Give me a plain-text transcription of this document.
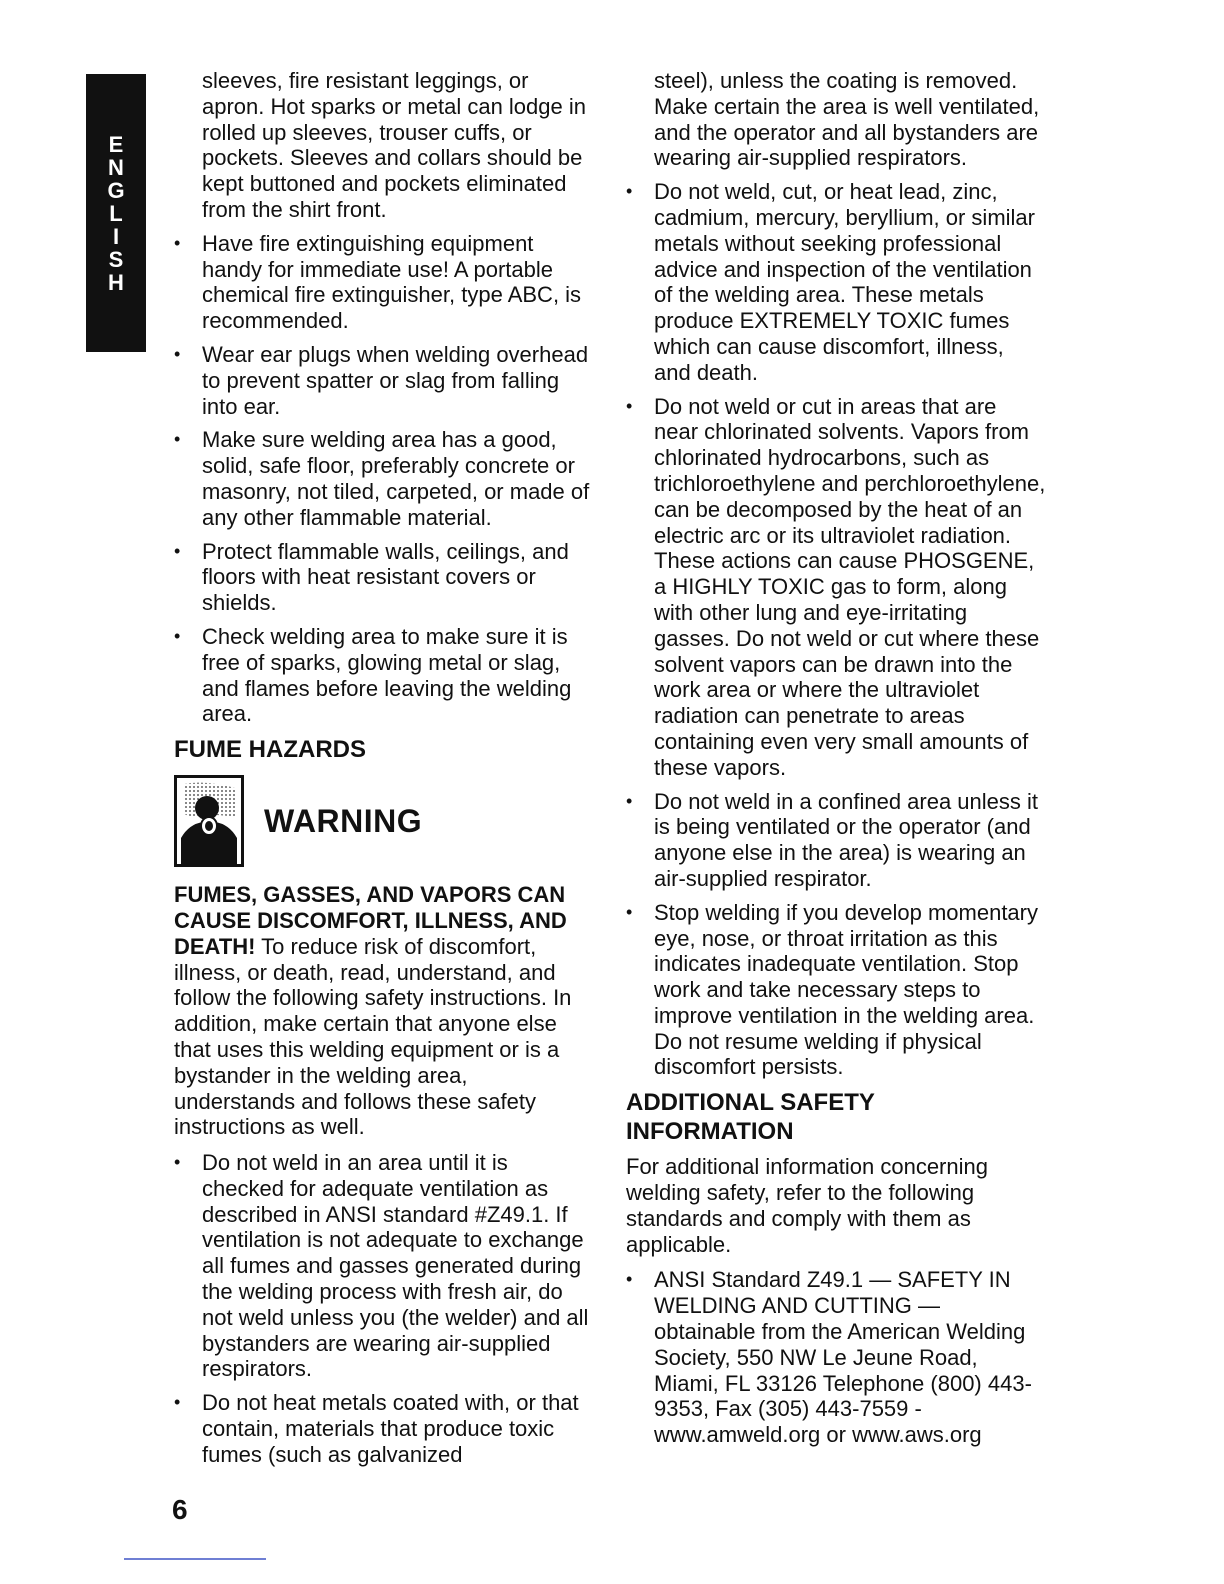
E
N
G
L
I
S
H

sleeves, fire resistant leggings, or apron. Hot sparks or metal can lodge in rolled up sleeves, trouser cuffs, or pockets. Sleeves and collars should be kept buttoned and pockets eliminated from the shirt front.

• Have fire extinguishing equipment handy for immediate use! A portable chemical fire extinguisher, type ABC, is recommended.
• Wear ear plugs when welding overhead to prevent spatter or slag from falling into ear.
• Make sure welding area has a good, solid, safe floor, preferably concrete or masonry, not tiled, carpeted, or made of any other flammable material.
• Protect flammable walls, ceilings, and floors with heat resistant covers or shields.
• Check welding area to make sure it is free of sparks, glowing metal or slag, and flames before leaving the welding area.
FUME HAZARDS
WARNING

FUMES, GASSES, AND VAPORS CAN CAUSE DISCOMFORT, ILLNESS, AND DEATH! To reduce risk of discomfort, illness, or death, read, understand, and follow the following safety instructions. In addition, make certain that anyone else that uses this welding equipment or is a bystander in the welding area, understands and follows these safety instructions as well.

• Do not weld in an area until it is checked for adequate ventilation as described in ANSI standard #Z49.1. If ventilation is not adequate to exchange all fumes and gasses generated during the welding process with fresh air, do not weld unless you (the welder) and all bystanders are wearing air-supplied respirators.
• Do not heat metals coated with, or that contain, materials that produce toxic fumes (such as galvanized

steel), unless the coating is removed. Make certain the area is well ventilated, and the operator and all bystanders are wearing air-supplied respirators.

• Do not weld, cut, or heat lead, zinc, cadmium, mercury, beryllium, or similar metals without seeking professional advice and inspection of the ventilation of the welding area. These metals produce EXTREMELY TOXIC fumes which can cause discomfort, illness, and death.
• Do not weld or cut in areas that are near chlorinated solvents. Vapors from chlorinated hydrocarbons, such as trichloroethylene and perchloroethylene, can be decomposed by the heat of an electric arc or its ultraviolet radiation. These actions can cause PHOSGENE, a HIGHLY TOXIC gas to form, along with other lung and eye-irritating gasses. Do not weld or cut where these solvent vapors can be drawn into the work area or where the ultraviolet radiation can penetrate to areas containing even very small amounts of these vapors.
• Do not weld in a confined area unless it is being ventilated or the operator (and anyone else in the area) is wearing an air-supplied respirator.
• Stop welding if you develop momentary eye, nose, or throat irritation as this indicates inadequate ventilation. Stop work and take necessary steps to improve ventilation in the welding area. Do not resume welding if physical discomfort persists.
ADDITIONAL SAFETY INFORMATION

For additional information concerning welding safety, refer to the following standards and comply with them as applicable.

• ANSI Standard Z49.1 — SAFETY IN WELDING AND CUTTING — obtainable from the American Welding Society, 550 NW Le Jeune Road, Miami, FL 33126 Telephone (800) 443-9353, Fax (305) 443-7559 - www.amweld.org or www.aws.org
6
